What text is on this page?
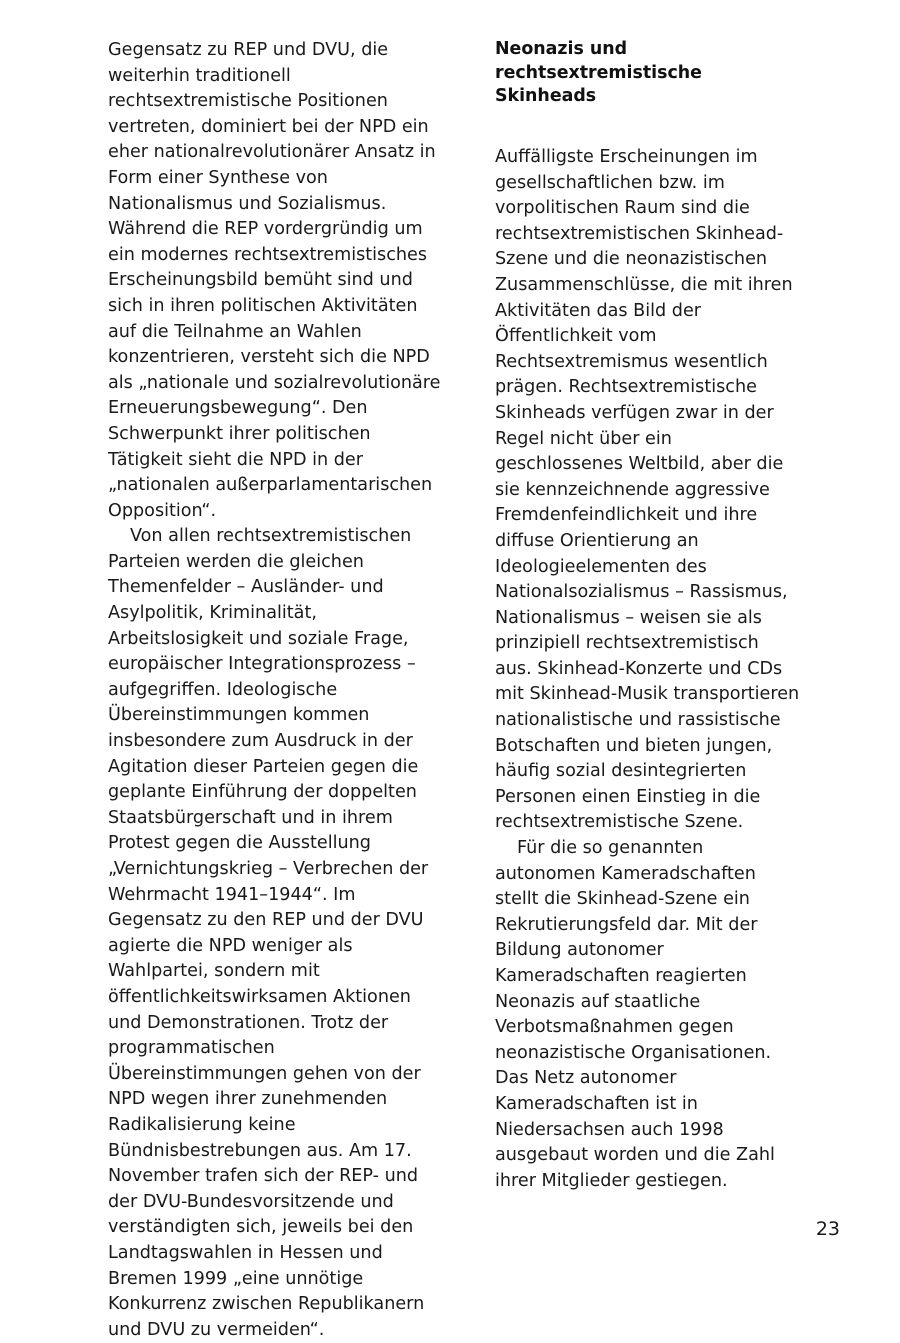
Gegensatz zu REP und DVU, die weiterhin traditionell rechtsextremistische Positionen vertreten, dominiert bei der NPD ein eher nationalrevolutionärer Ansatz in Form einer Synthese von Nationalismus und Sozialismus. Während die REP vordergründig um ein modernes rechtsextremistisches Erscheinungsbild bemüht sind und sich in ihren politischen Aktivitäten auf die Teilnahme an Wahlen konzentrieren, versteht sich die NPD als „nationale und sozialrevolutionäre Erneuerungsbewegung“. Den Schwerpunkt ihrer politischen Tätigkeit sieht die NPD in der „nationalen außerparlamentarischen Opposition“.

Von allen rechtsextremistischen Parteien werden die gleichen Themenfelder – Ausländer- und Asylpolitik, Kriminalität, Arbeitslosigkeit und soziale Frage, europäischer Integrationsprozess – aufgegriffen. Ideologische Übereinstimmungen kommen insbesondere zum Ausdruck in der Agitation dieser Parteien gegen die geplante Einführung der doppelten Staatsbürgerschaft und in ihrem Protest gegen die Ausstellung „Vernichtungskrieg – Verbrechen der Wehrmacht 1941–1944“. Im Gegensatz zu den REP und der DVU agierte die NPD weniger als Wahlpartei, sondern mit öffentlichkeitswirksamen Aktionen und Demonstrationen. Trotz der programmatischen Übereinstimmungen gehen von der NPD wegen ihrer zunehmenden Radikalisierung keine Bündnisbestrebungen aus. Am 17. November trafen sich der REP- und der DVU-Bundesvorsitzende und verständigten sich, jeweils bei den Landtagswahlen in Hessen und Bremen 1999 „eine unnötige Konkurrenz zwischen Republikanern und DVU zu vermeiden“.

Neonazis und rechtsextremistische Skinheads

Auffälligste Erscheinungen im gesellschaftlichen bzw. im vorpolitischen Raum sind die rechtsextremistischen Skinhead-Szene und die neonazistischen Zusammenschlüsse, die mit ihren Aktivitäten das Bild der Öffentlichkeit vom Rechtsextremismus wesentlich prägen. Rechtsextremistische Skinheads verfügen zwar in der Regel nicht über ein geschlossenes Weltbild, aber die sie kennzeichnende aggressive Fremdenfeindlichkeit und ihre diffuse Orientierung an Ideologieelementen des Nationalsozialismus – Rassismus, Nationalismus – weisen sie als prinzipiell rechtsextremistisch aus. Skinhead-Konzerte und CDs mit Skinhead-Musik transportieren nationalistische und rassistische Botschaften und bieten jungen, häufig sozial desintegrierten Personen einen Einstieg in die rechtsextremistische Szene.

Für die so genannten autonomen Kameradschaften stellt die Skinhead-Szene ein Rekrutierungsfeld dar. Mit der Bildung autonomer Kameradschaften reagierten Neonazis auf staatliche Verbotsmaßnahmen gegen neonazistische Organisationen. Das Netz autonomer Kameradschaften ist in Niedersachsen auch 1998 ausgebaut worden und die Zahl ihrer Mitglieder gestiegen.

23
